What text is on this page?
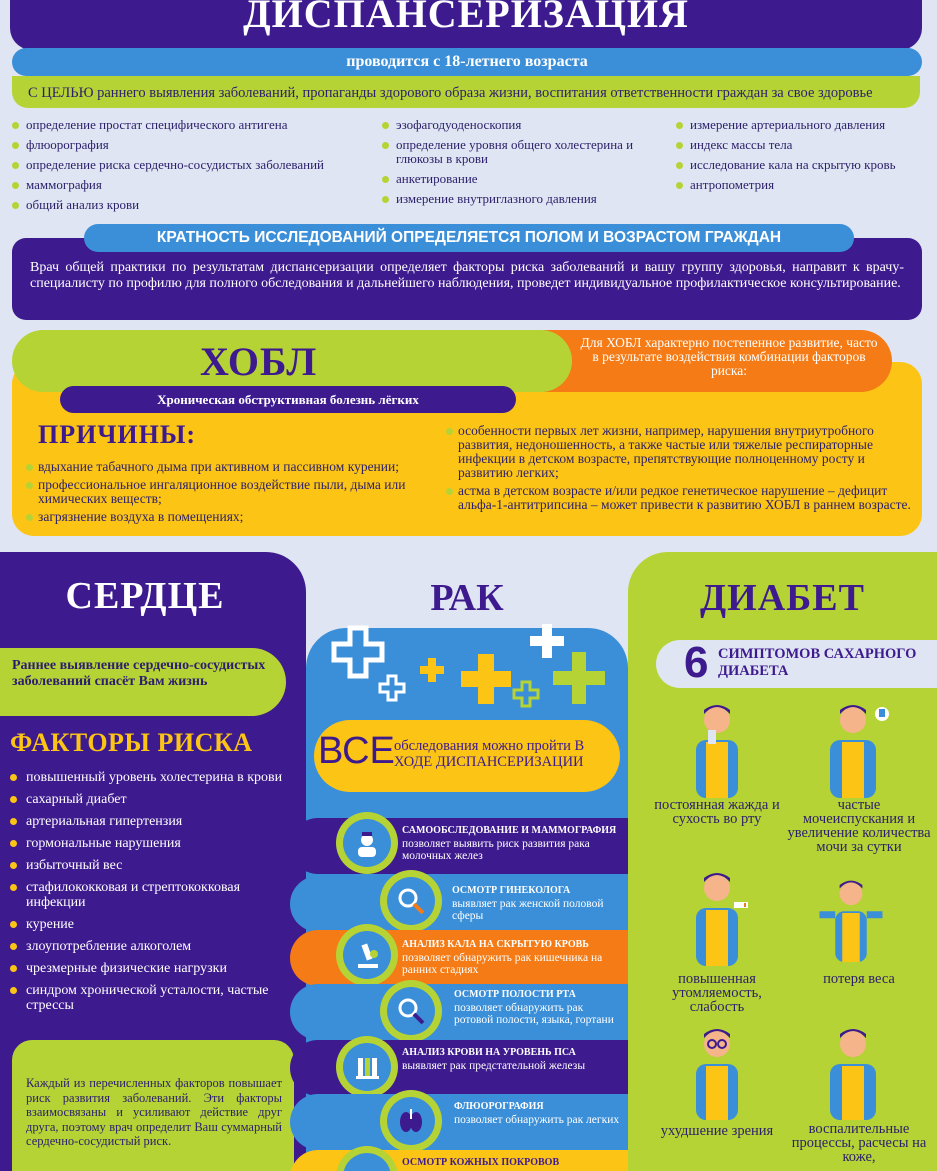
ДИСПАНСЕРИЗАЦИЯ
проводится с 18-летнего возраста
С ЦЕЛЬЮ раннего выявления заболеваний, пропаганды здорового образа жизни, воспитания ответственности граждан за свое здоровье
определение простат специфического антигена
флюорография
определение риска сердечно-сосудистых заболеваний
маммография
общий анализ крови
эзофагодуоденоскопия
определение уровня общего холестерина и глюкозы в крови
анкетирование
измерение внутриглазного давления
измерение артериального давления
индекс массы тела
исследование кала на скрытую кровь
антропометрия
Врач общей практики по результатам диспансеризации определяет факторы риска заболеваний и вашу группу здоровья, направит к врачу-специалисту по профилю для полного обследования и дальнейшего наблюдения, проведет индивидуальное профилактическое консультирование.
КРАТНОСТЬ ИССЛЕДОВАНИЙ ОПРЕДЕЛЯЕТСЯ ПОЛОМ И ВОЗРАСТОМ ГРАЖДАН
Для ХОБЛ характерно постепенное развитие, часто в результате воздействия комбинации факторов риска:
ХОБЛ
Хроническая обструктивная болезнь лёгких
ПРИЧИНЫ:
вдыхание табачного дыма при активном и пассивном курении;
профессиональное ингаляционное воздействие пыли, дыма или химических веществ;
загрязнение воздуха в помещениях;
особенности первых лет жизни, например, нарушения внутриутробного развития, недоношенность, а также частые или тяжелые респираторные инфекции в детском возрасте, препятствующие полноценному росту и развитию легких;
астма в детском возрасте и/или редкое генетическое нарушение – дефицит альфа-1-антитрипсина – может привести к развитию ХОБЛ в раннем возрасте.
СЕРДЦЕ
Раннее выявление сердечно-сосудистых заболеваний спасёт Вам жизнь
ФАКТОРЫ РИСКА
повышенный уровень холестерина в крови
сахарный диабет
артериальная гипертензия
гормональные нарушения
избыточный вес
стафилококковая и стрептококковая инфекции
курение
злоупотребление алкоголем
чрезмерные физические нагрузки
синдром хронической усталости, частые стрессы
Каждый из перечисленных факторов повышает риск развития заболеваний. Эти факторы взаимосвязаны и усиливают действие друг друга, поэтому врач определит Ваш суммарный сердечно-сосудистый риск.
РАК
ВСЕ обследования можно пройти В ХОДЕ ДИСПАНСЕРИЗАЦИИ
САМООБСЛЕДОВАНИЕ И МАММОГРАФИЯ
позволяет выявить риск развития рака молочных желез
ОСМОТР ГИНЕКОЛОГА
выявляет рак женской половой сферы
АНАЛИЗ КАЛА НА СКРЫТУЮ КРОВЬ
позволяет обнаружить рак кишечника на ранних стадиях
ОСМОТР ПОЛОСТИ РТА
позволяет обнаружить рак ротовой полости, языка, гортани
АНАЛИЗ КРОВИ НА УРОВЕНЬ ПСА
выявляет рак предстательной железы
ФЛЮОРОГРАФИЯ
позволяет обнаружить рак легких
ОСМОТР КОЖНЫХ ПОКРОВОВ
ДИАБЕТ
6 СИМПТОМОВ САХАРНОГО ДИАБЕТА
постоянная жажда и сухость во рту
частые мочеиспускания и увеличение количества мочи за сутки
повышенная утомляемость, слабость
потеря веса
ухудшение зрения	воспалительные процессы, расчесы на коже,
